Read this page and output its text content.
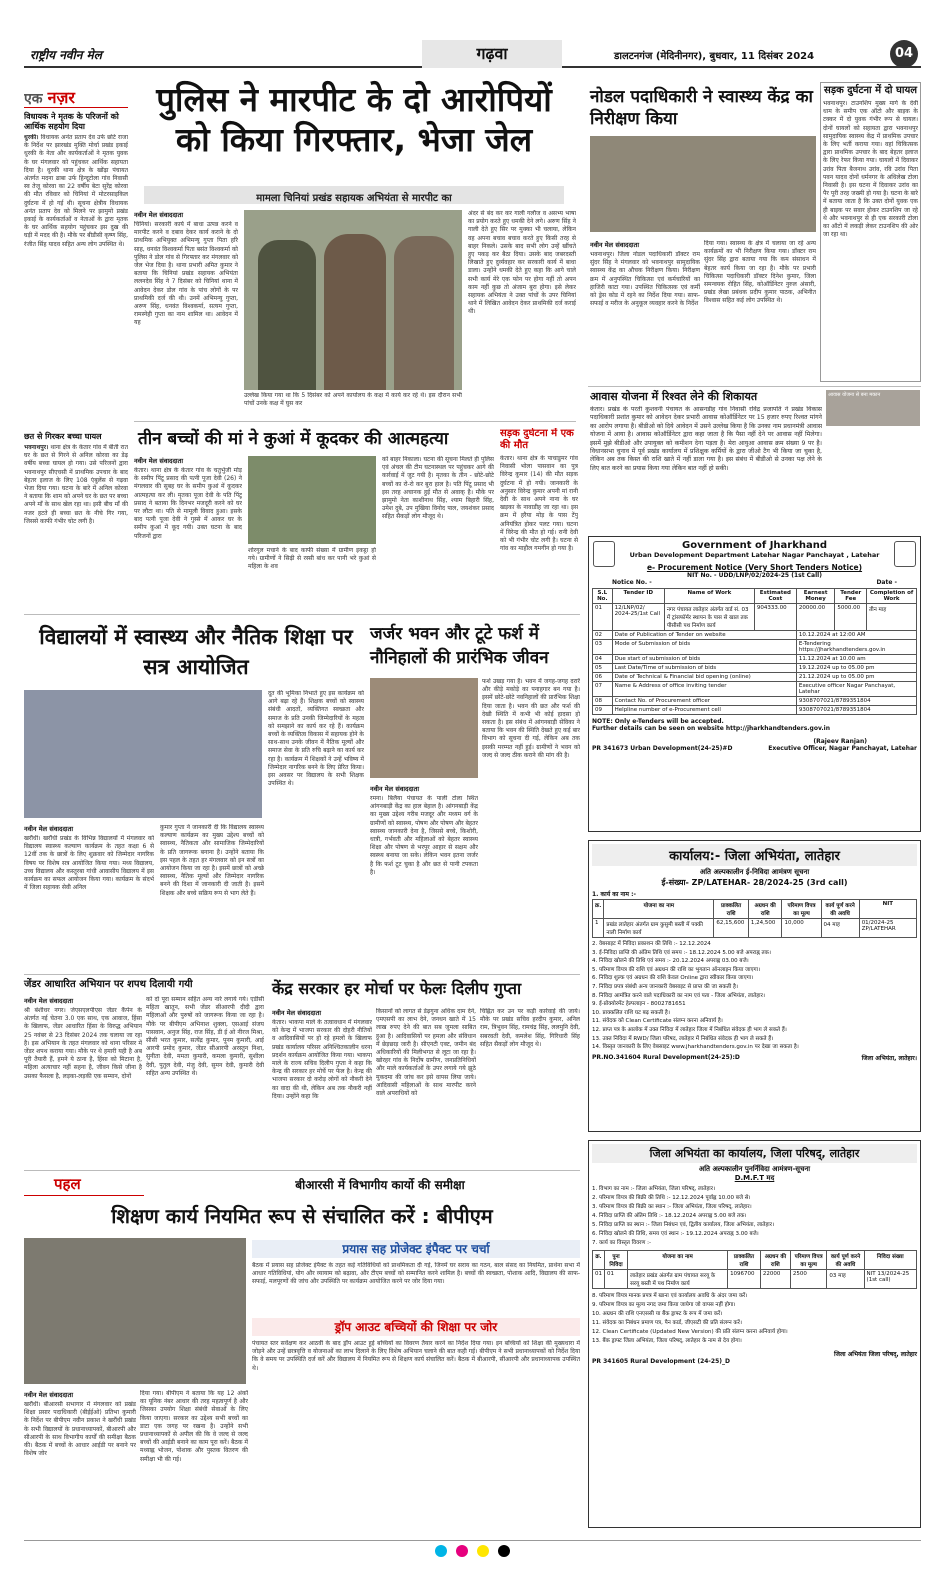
राष्ट्रीय नवीन मेल	गढ़वा	डालटनगंज (मेदिनीनगर), बुधवार, 11 दिसंबर 2024	04
एक नज़र
विधायक ने मृतक के परिजनों को आर्थिक सहयोग दिया
धुरकी। विधायक अनंत प्रताप देव उर्फ छोटे राजा के निर्देश पर झारखंड मुक्ति मोर्चा प्रखंड इकाई धुरकी के नेता और कार्यकर्ताओं ने मृतक युवक के घर मंगलवार को पहुंचकर आर्थिक सहायता दिया है। धुरकी थाना क्षेत्र के खोंढ़ा पंचायत अंतर्गत मदना ढाबा उर्फ हिन्दूटोला गांव निवासी स्व तेजू कोरवा का 22 वर्षीय बेटा सुरेंद्र कोरवा की मौत रविवार को चिनियां में मोटरसाइकिल दुर्घटना में हो गई थी। सूचना क्षेत्रीय विधायक अनंत प्रताप देव को मिलने पर झामुमो प्रखंड इकाई के कार्यकर्ताओं व नेताओं के द्वारा मृतक के घर आर्थिक सहयोग पहुंचकर इस दुख की घड़ी में मदद की है। मौके पर बीडीसी कृष्ण सिंह, रंजीत सिंह यादव सहित अन्य लोग उपस्थित थे।
छत से गिरकर बच्चा घायल
भवनाथपुर। थाना क्षेत्र के केतार गांव में बीती रात घर के छत से गिरने से अनिल कोरवा का डेढ़ वर्षीय बच्चा घायल हो गया। उसे परिजनों द्वारा भवनाथपुर सीएचसी में प्राथमिक उपचार के बाद बेहतर इलाज के लिए 108 एंबुलेंस से गढ़वा भेजा दिया गया। घटना के बारे में अनिल कोरवा ने बताया कि शाम को अपने घर के छत पर बच्चा अपने माँ के साथ खेल रहा था। इसी बीच माँ की नजर हटते ही बच्चा छत के नीचे गिर गया, जिससे काफी गंभीर चोट लगी है।
पुलिस ने मारपीट के दो आरोपियों को किया गिरफ्तार, भेजा जेल
मामला चिनियां प्रखंड सहायक अभियंता से मारपीट का
नवीन मेल संवाददाता
चिनियां। सरकारी कार्य में बाधा उत्पन्न करने व मारपीट करने व दबाव देकर कार्य कराने के दो प्राथमिक अभियुक्त अभिमन्यु गुप्ता पिता हरि साह, धनवंत विश्वकर्मा पिता बसंत विश्वकर्मा को पुलिस ने डोल गांव से गिरफ्तार कर मंगलवार को जेल भेज दिया है। थाना प्रभारी अमित कुमार ने बताया कि चिनियां प्रखंड सहायक अभियंता ललनदेव सिंह ने 7 दिसंबर को चिनियां थाना में आवेदन देकर डोल गांव के पांच लोगों के पर प्राथमिकी दर्ज की थी। उनमें अभिमन्यु गुप्ता, अरुण सिंह, धनवंत विश्वकर्मा, सत्यम गुप्ता, रामस्नेही गुप्ता का नाम शामिल था। आवेदन में यह
उल्लेख किया गया था कि 5 दिसंबर को अपने कार्यालय के कक्ष में कार्य कर रहे थे। इस दौरान सभी पांचों उनके कक्ष में घुस कर
अंदर से बंद कर कर गाली गलौज व असभ्य भाषा का प्रयोग करते हुए धमकी देने लगे। अरुण सिंह ने गाली देते हुए सिर पर मुक्का भी चलाया, लेकिन वह अपना बचाव बचाव करते हुए किसी तरह से बाहर निकले। उसके बाद सभी लोग उन्हें खींचते हुए पकड़ कर बैठा दिया। उसके बाद जबरदस्ती लिखाते हुए दुर्व्यवहार कर सरकारी कार्य में बाधा डाला। उन्होंने धमकी देते हुए कहा कि आगे चाले सभी कार्य मेरे एक फोन पर होगा नहीं तो अपन काम नहीं कुछ तो अंजाम बुरा होगा। इसे लेकर सहायक अभियंता ने उक्त पांचों के उपर चिनियां थाने में लिखित आवेदन देकर प्राथमिकी दर्ज कराई थी।
तीन बच्चों की मां ने कुआं में कूदकर की आत्महत्या
नवीन मेल संवाददाता
केतार। थाना क्षेत्र के केतार गांव के चतुर्भुजी मोड़ के समीप पिंटू प्रसाद की पत्नी पूजा देवी (26) ने मंगलवार की सुबह घर के समीप कुआं में कूदकर आत्महत्या कर ली। मृतका पूजा देवी के पति पिंटू प्रसाद ने बताया कि दिनभर मजदूरी करने को घर पर लौटा था। पति से मामूली विवाद हुआ। इसके बाद पत्नी पूजा देवी ने गुस्से में आकर घर के समीप कुआं में कूद गयी। उक्त घटना के बाद परिजनों द्वारा
शोरगुल मचाने के बाद काफी संख्या में ग्रामीण इकट्ठा हो गये। ग्रामीणों ने सिढ़ी से रस्सी बांध कर पानी भरे कुआं से महिला के शव
को बाहर निकाला। घटना की सूचना मिलते ही पुलिस एवं अंचल की टीम घटनास्थल पर पहुंचकर आगे की कार्रवाई में जुट गयी है। मृतका के तीन - छोटे-छोटे बच्चों का रो-रो कर बुरा हाल है। पति पिंटू प्रसाद भी इस तरह अचानक हुई मौत से अवाक् है। मौके पर झामुमो नेता काशीनाथ सिंह, श्याम बिहारी सिंह, उमेश दुबे, उप मुखिया विनोद पाल, जयशंकर प्रसाद सहित सैकड़ों लोग मौजूद थे।
सड़क दुर्घटना में एक की मौत
केतार। थाना क्षेत्र के पाचाडुमर गांव निवासी भोला पासवान का पुत्र विरेन्द्र कुमार (14) की मौत सड़क दुर्घटना में हो गयी। जानकारी के अनुसार विरेन्द्र कुमार अपनी मां रानी देवी के साथ अपने नाना के घर खड़का के नावाडीह जा रहा था। इस क्रम में हरैया मोड़ के पास टेंपु अनियंत्रित होकर पलट गया। घटना में विरेन्द्र की मौत हो गई। रानी देवी को भी गंभीर चोट लगी है। घटना से गांव का माहौल गमगीन हो गया है।
नोडल पदाधिकारी ने स्वास्थ्य केंद्र का निरीक्षण किया
नवीन मेल संवाददाता
भवनाथपुर। जिला नोडल पदाधिकारी डॉक्टर राम सुंदर सिंह ने मंगलवार को भवनाथपुर सामुदायिक स्वास्थ्य केंद्र का औचक निरीक्षण किया। निरीक्षण क्रम में अनुपस्थित चिकित्सा एवं कर्मचारियों का हाजिरी काटा गया। उपस्थित चिकित्सक एवं कर्मी को ड्रेस कोड में रहने का निर्देश दिया गया। साफ-सफाई व मरीज के अनुकूल व्यवहार करने के निर्देश
दिया गया। स्वास्थ्य के क्षेत्र में चलाया जा रहे अन्य कार्यक्रमों का भी निरीक्षण किया गया। डॉक्टर राम सुंदर सिंह द्वारा बताया गया कि कम संसाधन में बेहतर कार्य किया जा रहा है। मौके पर प्रभारी चिकित्सा पदाधिकारी डॉक्टर दिनेश कुमार, जिला समन्वयक रोहित सिंह, कोऑर्डिनेटर नुरुल अंसारी, प्रखंड लेखा प्रबंधक प्रदीप कुमार पाठक, अभिनीत विश्वास सहित कई लोग उपस्थित थे।
सड़क दुर्घटना में दो घायल
भवनाथपुर। टाउनशिप मुख्य मार्ग के देवी धाम के समीप एक ऑटो और बाइक के टक्कर में दो युवक गंभीर रूप से घायल। दोनों घायलों को सहायता द्वारा भवनाथपुर सामुदायिक स्वास्थ्य केंद्र में प्राथमिक उपचार के लिए भर्ती कराया गया। वहां चिकित्सक द्वारा प्राथमिक उपचार के बाद बेहतर इलाज के लिए रेफर किया गया। घायलों में दिवाकर उरांव पिता बैजनाथ उरांव, रवि उरांव पिता पवन यादव दोनों धर्मनगर के अधिलेख टोला निवासी है। इस घटना में दिवाकर उरांव का पैर पूरी तरह जख्मी हो गया है। घटना के बारे में बताया जाता है कि उक्त दोनों युवक एक ही बाइक पर सवार होकर टाउनशिप जा रहे थे और भवनाथपुर से ही एक सरकारी टोला का ऑटो में लकड़ी लेकर टाउनशिप की ओर जा रहा था।
आवास योजना में रिश्वत लेने की शिकायत	आवास योजना से बना मकान
केतार। प्रखंड के परती कुशवनी पंचायत के आसनडीह गांव निवासी रविंद्र प्रजापति ने प्रखंड विकास पदाधिकारी प्रशांत कुमार को आवेदन देकर प्रभारी आवास कोऑर्डिनेटर पर 15 हजार रुपए रिश्वत मांगने का आरोप लगाया है। बीडीओ को दिये आवेदन में उसने उल्लेख किया है कि उनका नाम प्रधानमंत्री आवास योजना में आया है। आवास कोऑर्डिनेटर द्वारा कहा जाता है कि पैसा नहीं देने पर आवास नहीं मिलेगा। इसमें मुझे बीडीओ और उपायुक्त को कमीशन देना पड़ता है। मेरा आयुआ आवास क्रम संख्या 9 पर है। विधानसभा चुनाव में पूर्व प्रखंड कार्यालय में प्रशिक्षुक कर्मियों के द्वारा जीओ टैग भी किया जा चुका है, लेकिन अब तक किस्त की राशि खाते में नहीं डाला गया है। इस संबंध में बीडीओ से उनका पक्ष लेने के लिए बात करने का प्रयास किया गया लेकिन बात नहीं हो सकी।
Government of Jharkhand
Urban Development Department Latehar Nagar Panchayat , Latehar
e- Procurement Notice (Very Short Tenders Notice)
NIT No. - UDD/LNP/02/2024-25 (1st Call)
Notice No. -	Date -
S.L No.	Tender ID	Name of Work	Estimated Cost	Earnest Money	Tender Fee	Completion of Work
01	12/LNP/02/ 2024-25/1st Call	नगर पंचायत लातेहार अंतर्गत वार्ड सं. 03 में ट्रांसफॉर्मर स्थापन के पास से खाल तक पीसीसी पथ निर्माण कार्य	904333.00	20000.00	5000.00	तीन माह
02	Date of Publication of Tender on website			10.12.2024 at 12:00 AM		
03	Mode of Submission of bids			E-Tendering https://jharkhandtenders.gov.in		
04	Due start of submission of bids			11.12.2024 at 10.00 am		
05	Last Date/Time of submission of bids			19.12.2024 up to 05.00 pm		
06	Date of Technical & Financial bid opening (online)			21.12.2024 up to 05.00 pm		
07	Name & Address of office inviting tender			Executive officer Nagar Panchayat, Latehar		
08	Contact No. of Procurement officer			9308707021/8789351804		
09	Helpline number of e-Procurement cell			9308707021/8789351804		
NOTE: Only e-Tenders will be accepted.
Further details can be seen on website http://jharkhandtenders.gov.in
(Rajeev Ranjan)
PR 341673 Urban Development(24-25)#D	Executive Officer, Nagar Panchayat, Latehar
कार्यालय:- जिला अभियंता, लातेहार
अति अल्पकालीन ई-निविदा आमंत्रण सूचना
ई-संख्या- ZP/LATEHAR- 28/2024-25 (3rd call)
1. कार्य का नाम :-
क्र.	योजना का नाम	प्राक्कलित राशि	अग्रधन की राशि	परिमाण विपत्र का मूल्य	कार्य पूर्ण करने की अवधि	NIT
1	प्रखंड लातेहार अंतर्गत ग्राम कुसुमी बस्ती में पक्की नाली निर्माण कार्य	62,15,600	1,24,500	10,000	04 माह	01/2024-25 ZP/LATEHAR
2. वेबसाइट में निविदा प्रकाशन की तिथि :- 12.12.2024
3. ई-निविदा प्राप्ति की अंतिम तिथि एवं समय :- 18.12.2024 5.00 बजे अपराह्न तक।
4. निविदा खोलने की तिथि एवं समय :- 20.12.2024 अपराह्न 03.00 बजे।
5. परिमाण विपत्र की राशि एवं अग्रधन की राशि का भुगतान ऑनलाइन किया जाएगा।
6. निविदा शुल्क एवं अग्रधन की राशि केवल Online द्वारा स्वीकार किया जाएगा।
7. निविदा प्रपत्र संबंधी अन्य जानकारी वेबसाइट से प्राप्त की जा सकती है।
8. निविदा आमंत्रित करने वाले पदाधिकारी का नाम एवं पता - जिला अभियंता, लातेहार।
9. ई-प्रोक्योरमेंट हेल्पलाइन - 8002781651
10. प्राक्कलित राशि घट बढ़ सकती है।
11. संवेदक को Clean Certificate संलग्न करना अनिवार्य है।
12. प्राप्त पत्र के आलोक में उक्त निविदा में लातेहार जिला में निबंधित संवेदक ही भाग ले सकते हैं।
13. उक्त निविदा में RWD/ जिला परिषद, लातेहार में निबंधित संवेदक ही भाग ले सकते हैं।
14. विस्तृत जानकारी के लिए वेबसाइट www.jharkhandtenders.gov.in पर देखा जा सकता है।
PR.NO.341604 Rural Development(24-25):D	जिला अभियंता, लातेहार।
जिला अभियंता का कार्यालय, जिला परिषद्, लातेहार
अति अल्पकालीन पुनर्निविदा आमंत्रण-सूचना
D.M.F.T मद
1. विभाग का नाम :- जिला अभियंता, जिला परिषद्, लातेहार।
2. परिमाण विपत्र की बिक्री की तिथि :- 12.12.2024 पूर्वाह्न 10.00 बजे से।
3. परिमाण विपत्र की बिक्री का स्थान :- जिला अभियंता, जिला परिषद्, लातेहार।
4. निविदा प्राप्ति की अंतिम तिथि :- 18.12.2024 अपराह्न 5.00 बजे तक।
5. निविदा प्राप्ति का स्थान :- जिला निबंधन एवं, द्वितीय कार्यालय, जिला अभियंता, लातेहार।
6. निविदा खोलने की तिथि, समय एवं स्थान :- 19.12.2024 अपराह्न 3.00 बजे।
7. कार्य का विस्तृत विवरण :-
क्र.	पुनः निविदा	योजना का नाम	प्राक्कलित राशि	अग्रधन की राशि	परिमाण विपत्र का मूल्य	कार्य पूर्ण करने की अवधि	निविदा संख्या
01	01	लातेहार प्रखंड अंतर्गत ग्राम पंचायत सरयू के सरयू बस्ती में पथ निर्माण कार्य	1096700	22000	2500	03 माह	NIT 13/2024-25 (1st call)
8. परिमाण विपत्र मानक प्रपत्र में खाना एवं कार्यालय अवधि के अंदर जमा करें।
9. परिमाण विपत्र का मूल्य नगद जमा किया जायेगा जो वापस नहीं होगा।
10. अग्रधन की राशि एनएससी या बैंक ड्राफ्ट के रूप में जमा करें।
11. संवेदक का निबंधन प्रमाण पत्र, पैन कार्ड, जीएसटी की प्रति संलग्न करें।
12. Clean Certificate (Updated New Version) की प्रति संलग्न करना अनिवार्य होगा।
13. बैंक ड्राफ्ट जिला अभियंता, जिला परिषद्, लातेहार के नाम से देय होगा।
जिला अभियंता जिला परिषद्, लातेहार
PR 341605 Rural Development (24-25)_D
विद्यालयों में स्वास्थ्य और नैतिक शिक्षा पर सत्र आयोजित
नवीन मेल संवाददाता
खरौंधी। खरौंधी प्रखंड के विभिन्न विद्यालयों में मंगलवार को विद्यालय स्वास्थ्य कल्याण कार्यक्रम के तहत कक्षा 6 से 12वीं तक के छात्रों के लिए शुक्रवार को जिम्मेदार नागरिक विषय पर विशेष सत्र आयोजित किया गया। मध्य विद्यालय, उच्च विद्यालय और कस्तूरबा गांधी आवासीय विद्यालय में इस कार्यक्रम का सफल आयोजन किया गया। कार्यक्रम के संदर्भ में जिला सहायक सेवी अनिल
कुमार गुप्ता ने जानकारी दी कि विद्यालय स्वास्थ्य कल्याण कार्यक्रम का मुख्य उद्देश्य बच्चों को स्वास्थ्य, नैतिकता और सामाजिक जिम्मेदारियों के प्रति जागरूक बनाना है। उन्होंने बताया कि इस पहल के तहत हर मंगलवार को इन सत्रों का आयोजन किया जा रहा है। इसमें छात्रों को अच्छे स्वास्थ्य, नैतिक मूल्यों और जिम्मेदार नागरिक बनने की दिशा में जानकारी दी जाती है। इसमें शिक्षक और बच्चे सक्रिय रूप से भाग लेते हैं।
दूत की भूमिका निभाते हुए इस कार्यक्रम को आगे बढ़ा रहे हैं। शिक्षक बच्चों को स्वास्थ्य संबंधी आदतों, व्यक्तिगत स्वच्छता और समाज के प्रति उनकी जिम्मेदारियों के महत्व को समझाने का कार्य कर रहे हैं। कार्यक्रम बच्चों के व्यक्तित्व विकास में सहायक होने के साथ-साथ उनके जीवन में नैतिक मूल्यों और समाज सेवा के प्रति रुचि बढ़ाने का कार्य कर रहा है। कार्यक्रम में शिक्षकों ने उन्हें भविष्य में जिम्मेदार नागरिक बनने के लिए प्रेरित किया। इस अवसर पर विद्यालय के सभी शिक्षक उपस्थित थे।
जर्जर भवन और टूटे फर्श में नौनिहालों की प्रारंभिक जीवन
नवीन मेल संवाददाता
रमना। बिलैया पंचायत के पाली टोला स्थित आंगनबाड़ी केंद्र का हाल बेहाल है। आंगनबाड़ी केंद्र का मुख्य उद्देश्य गरीब मजदूर और मध्यम वर्ग के ग्रामीणों को स्वास्थ्य, पोषण और पोषण और बेहतर स्वास्थ्य जानकारी देना है, जिससे बच्चे, किशोरी, धात्री, गर्भवती और महिलाओं को बेहतर स्वास्थ्य शिक्षा और पोषण से भरपूर आहार से सक्षम और स्वस्थ्य बनाया जा सके। लेकिन भवन इतना जर्जर है कि फर्श टूट चुका है और छत से पानी टपकता है।
फर्श उखड़ गया है। भवन में जगह-जगह दरारें और कीड़े मकोड़े का पनाहगार बन गया है। इसमें छोटे-छोटे नवनिहालों की प्रारंभिक शिक्षा दिया जाता है। भवन की छत और फर्श की देखी स्थिति में कभी भी कोई हादसा हो सकता है। इस संबंध में आंगनबाड़ी सेविका ने बताया कि भवन की स्थिति देखते हुए कई बार विभाग को सूचना दी गई, लेकिन अब तक इसकी मरम्मत नहीं हुई। ग्रामीणों ने भवन को जल्द से जल्द ठीक कराने की मांग की है।
जेंडर आधारित अभियान पर शपथ दिलायी गयी
नवीन मेल संवाददाता
श्री बंशीधर नगर। जेएसएलपीएस जेंडर कैंपेन के अंतर्गत नई चेतना 3.0 एक साथ, एक आवाज, हिंसा के खिलाफ, जेंडर आधारित हिंसा के विरुद्ध अभियान 25 नवंबर से 23 दिसंबर 2024 तक चलाया जा रहा है। इस अभियान के तहत मंगलवार को थाना परिसर में जेंडर शपथ कराया गया। मौके पर थे हमारी यही है अब पूरी तैयारी हैं, हमने ये ठाना है, हिंसा को मिटाना है, महिला अत्याचार नहीं सहना है, जीवन किसे जीना है उसका फैसला है, लड़का-लड़की एक सम्मान, दोनों
को दो पूरा सम्मान सहित अन्य नारे लगाये गये। एडीसी महिता खातून, सभी जेंडर सीआरपी दीदी द्वारा महिलाओं और पुरुषों को जागरूक किया जा रहा है। मौके पर बीपीएम अभिनाश शुक्ला, एसआई संजय पासवान, अनुज सिंह, राज सिंह, डी ई ओ नीरज मिश्रा, सीसी भरत कुमार, सत्येंद्र कुमार, पूनम कुमारी, आई आरपी प्रमोद कुमार, जेंडर सीआरपी अरस्तुन निशा, सुनीता देवी, ममता कुमारी, कमला कुमारी, सुशीला देवी, पुतुल देवी, मंजु देवी, सुमन देवी, कुमारी देवी सहित अन्य उपस्थित थे।
केंद्र सरकार हर मोर्चा पर फेलः दिलीप गुप्ता
नवीन मेल संवाददाता
केतार। भाकपा माले के तत्वावधान में मंगलवार को केन्द्र में भाजपा सरकार की दोहरी नीतियों व आदिवासियों पर हो रहे हमलों के खिलाफ प्रखंड कार्यालय परिसर अनिश्चितकालीन धरना प्रदर्शन कार्यक्रम आयोजित किया गया। भाकपा माले के राज्य सचिव दिलीप गुप्ता ने कहा कि केन्द्र की सरकार हर मोर्चे पर फेल है। केन्द्र की भाजपा सरकार दो करोड़ लोगों को नौकरी देने का वादा की थी, लेकिन अब तक नौकरी नहीं दिया। उन्होंने कहा कि
किसानों को लागत से डेढ़गुना अधिक दाम देने, एमएसपी का लाभ देने, जनधन खाते में 15 लाख रुपए देने की बात सब जुमला साबित हुआ है। आदिवासियों पर हमला और संविधान में छेड़छाड़ जारी है। सीएनटी एक्ट, जमीन बंद अधिकारियों की मिलीभगत से लूटा जा रहा है। खोरहर गांव के निर्दोष ग्रामीण, जनप्रतिनिधियों और माले कार्यकर्ताओं के उपर लगाये गये झूठे मुकदमा की जांच कर इसे वापस लिया जाये। आदिवासी महिलाओं के साथ मारपीट करने वाले अपराधियों को
चिह्नित कर उन पर कड़ी कार्रवाई की जाये। मौके पर प्रखंड सचिव हरदीप कुमार, अनिल राम, त्रिभुवन सिंह, रामचंद्र सिंह, ललमुनि देवी, सबरवती देवी, कमलेश सिंह, गिरिधारी सिंह सहित सैकड़ों लोग मौजूद थे।
पहल	बीआरसी में विभागीय कार्यो की समीक्षा
शिक्षण कार्य नियमित रूप से संचालित करें : बीपीएम
नवीन मेल संवाददाता
खरौंधी। बीआरसी सभागार में मंगलवार को प्रखंड शिक्षा प्रसार पदाधिकारी (बीईईओ) प्रतिभा कुमारी के निर्देश पर बीपीएम नवीन प्रकाश ने खरौंधी प्रखंड के सभी विद्यालयों के प्रधानाध्यापकों, बीआरपी और सीआरपी के साथ विभागीय कार्यों की समीक्षा बैठक की। बैठक में बच्चों के आधार आईडी पर बनाने पर विशेष जोर
दिया गया। बीपीएम ने बताया कि यह 12 अंकों का यूनिक नंबर आधार की तरह महत्वपूर्ण है और जिसका उपयोग शिक्षा संबंधी सेवाओं के लिए किया जाएगा। सरकार का उद्देश्य सभी बच्चों का डाटा एक जगह पर रखना है। उन्होंने सभी प्रधानाध्यापकों से अपील की कि वे जल्द से जल्द बच्चों की आईडी बनाने का काम पूरा करें। बैठक में मध्याह्न भोजन, पोशाक और पुस्तक वितरण की समीक्षा भी की गई।
प्रयास सह प्रोजेक्ट इंपैक्ट पर चर्चा
बैठक में प्रयास सह प्रोजेक्ट इंपैक्ट के तहत कई गतिविधियों को प्राथमिकता दी गई, जिनमें घर सराय का गठन, बाल संसद का नियमित, प्रार्थना सभा में आधार गतिविधियां, योग और व्यायाम को बढ़ावा, और टीएम बच्चों को सम्मानित करने शामिल है। बच्चों की स्वच्छता, पोशाक आदि, विद्यालय की साफ-सफाई, मलपूरणों की जांच और उपस्थिति पर कार्यक्रम आयोजित करने पर जोर दिया गया।
ड्रॉप आउट बच्चियों की शिक्षा पर जोर
पंचायत स्तर सर्वेक्षण कर आठवीं के बाद ड्रॉप आउट हुई बच्चियों का विवरण तैयार करने का निर्देश दिया गया। इन बच्चियों को शिक्षा की मुख्यधारा में जोड़ने और उन्हें छात्रवृत्ति व योजनाओं का लाभ दिलाने के लिए विशेष अभियान चलाने की बात कही गई। बीपीएम ने सभी प्रधानाध्यापकों को निर्देश दिया कि वे समय पर उपस्थिति दर्ज करें और विद्यालय में नियमित रूप से शिक्षण कार्य संचालित करें। बैठक में बीआरपी, सीआरपी और प्रधानाध्यापक उपस्थित थे।
